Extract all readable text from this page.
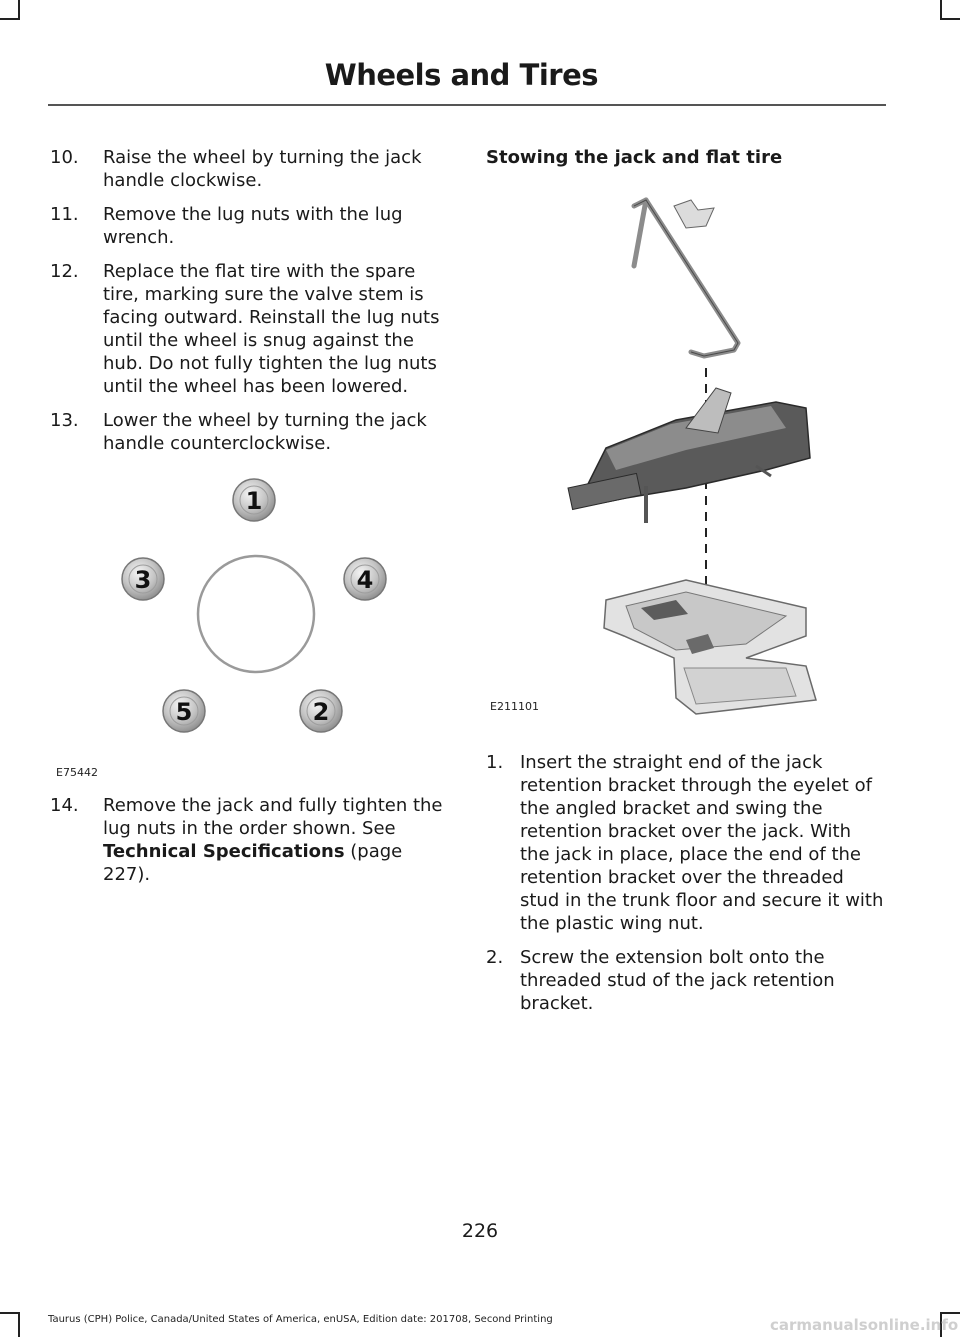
Wheels and Tires
10. Raise the wheel by turning the jack handle clockwise.
11. Remove the lug nuts with the lug wrench.
12. Replace the flat tire with the spare tire, marking sure the valve stem is facing outward. Reinstall the lug nuts until the wheel is snug against the hub. Do not fully tighten the lug nuts until the wheel has been lowered.
13. Lower the wheel by turning the jack handle counterclockwise.
1
2
3	4
5
E75442
14. Remove the jack and fully tighten the lug nuts in the order shown. See Technical Specifications (page 227).
Stowing the jack and flat tire
E211101
1. Insert the straight end of the jack retention bracket through the eyelet of the angled bracket and swing the retention bracket over the jack. With the jack in place, place the end of the retention bracket over the threaded stud in the trunk floor and secure it with the plastic wing nut.
2. Screw the extension bolt onto the threaded stud of the jack retention bracket.

226

Taurus (CPH) Police, Canada/United States of America, enUSA, Edition date: 201708, Second Printing	carmanualsonline.info
